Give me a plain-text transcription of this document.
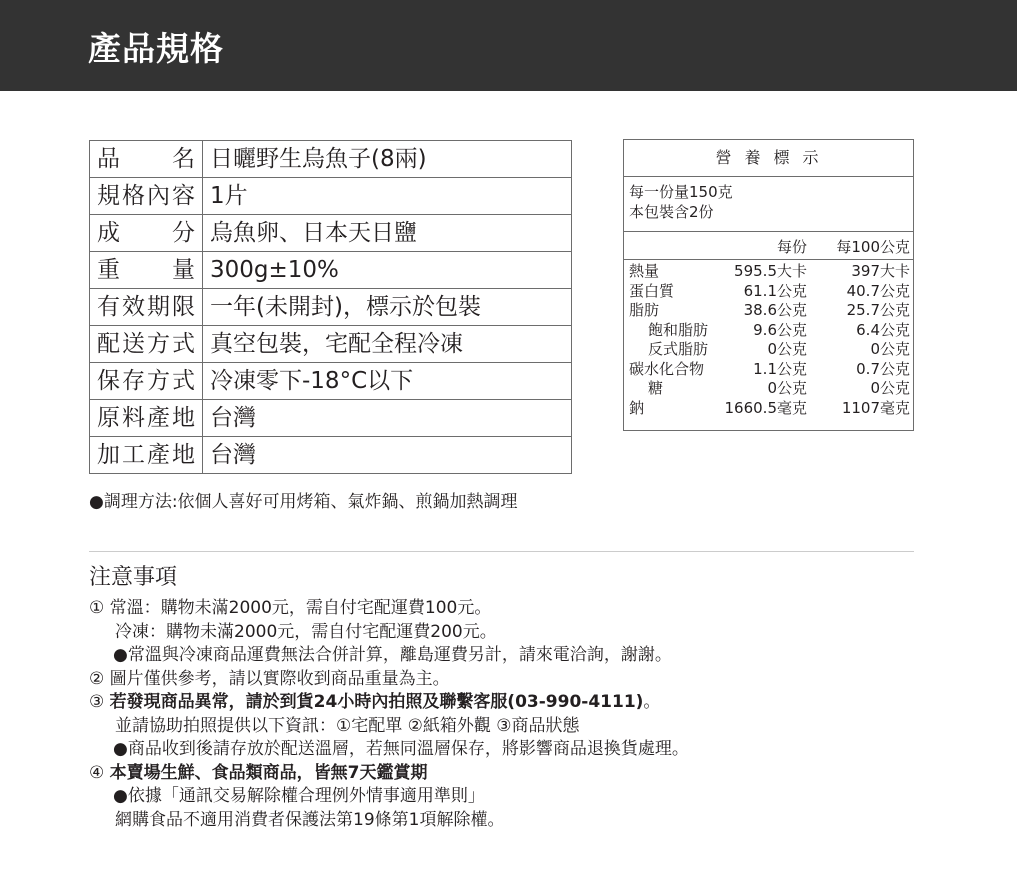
產品規格
品名	日曬野生烏魚子(8兩)
規格內容	1片
成分	烏魚卵、日本天日鹽
重量	300g±10%
有效期限	一年(未開封)，標示於包裝
配送方式	真空包裝，宅配全程冷凍
保存方式	冷凍零下-18°C以下
原料產地	台灣
加工產地	台灣
營養標示
每一份量150克
本包裝含2份
每份 每100公克
熱量	595.5大卡	397大卡
蛋白質	61.1公克	40.7公克
脂肪	38.6公克	25.7公克
飽和脂肪	9.6公克	6.4公克
反式脂肪	0公克	0公克
碳水化合物	1.1公克	0.7公克
糖	0公克	0公克
鈉	1660.5毫克 1107毫克
●調理方法:依個人喜好可用烤箱、氣炸鍋、煎鍋加熱調理
注意事項
① 常溫：購物未滿2000元，需自付宅配運費100元。
冷凍：購物未滿2000元，需自付宅配運費200元。
●常溫與冷凍商品運費無法合併計算，離島運費另計，請來電洽詢，謝謝。
② 圖片僅供參考，請以實際收到商品重量為主。
③ 若發現商品異常，請於到貨24小時內拍照及聯繫客服(03-990-4111)。
並請協助拍照提供以下資訊：①宅配單 ②紙箱外觀 ③商品狀態
●商品收到後請存放於配送溫層，若無同溫層保存，將影響商品退換貨處理。
④ 本賣場生鮮、食品類商品，皆無7天鑑賞期
●依據「通訊交易解除權合理例外情事適用準則」
網購食品不適用消費者保護法第19條第1項解除權。
